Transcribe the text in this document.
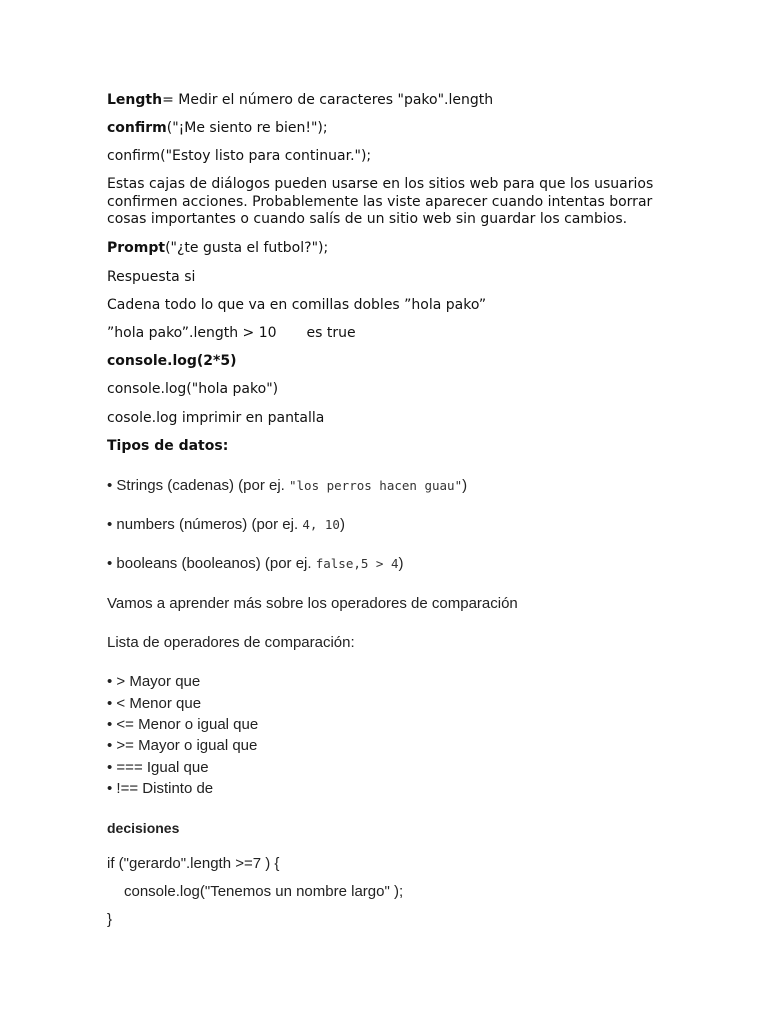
Length= Medir el número de caracteres "pako".length
confirm("¡Me siento re bien!");
confirm("Estoy listo para continuar.");
Estas cajas de diálogos pueden usarse en los sitios web para que los usuarios confirmen acciones. Probablemente las viste aparecer cuando intentas borrar cosas importantes o cuando salís de un sitio web sin guardar los cambios.
Prompt("¿te gusta el futbol?");
Respuesta si
Cadena todo lo que va en comillas dobles ”hola pako”
”hola pako”.length > 10 es true
console.log(2*5)
console.log("hola pako")
cosole.log imprimir en pantalla
Tipos de datos:
• Strings (cadenas) (por ej. "los perros hacen guau")
• numbers (números) (por ej. 4, 10)
• booleans (booleanos) (por ej. false,5 > 4)
Vamos a aprender más sobre los operadores de comparación
Lista de operadores de comparación:
• > Mayor que
• < Menor que
• <= Menor o igual que
• >= Mayor o igual que
• === Igual que
• !== Distinto de
decisiones
if ("gerardo".length >=7 ) {
console.log("Tenemos un nombre largo" );
}
